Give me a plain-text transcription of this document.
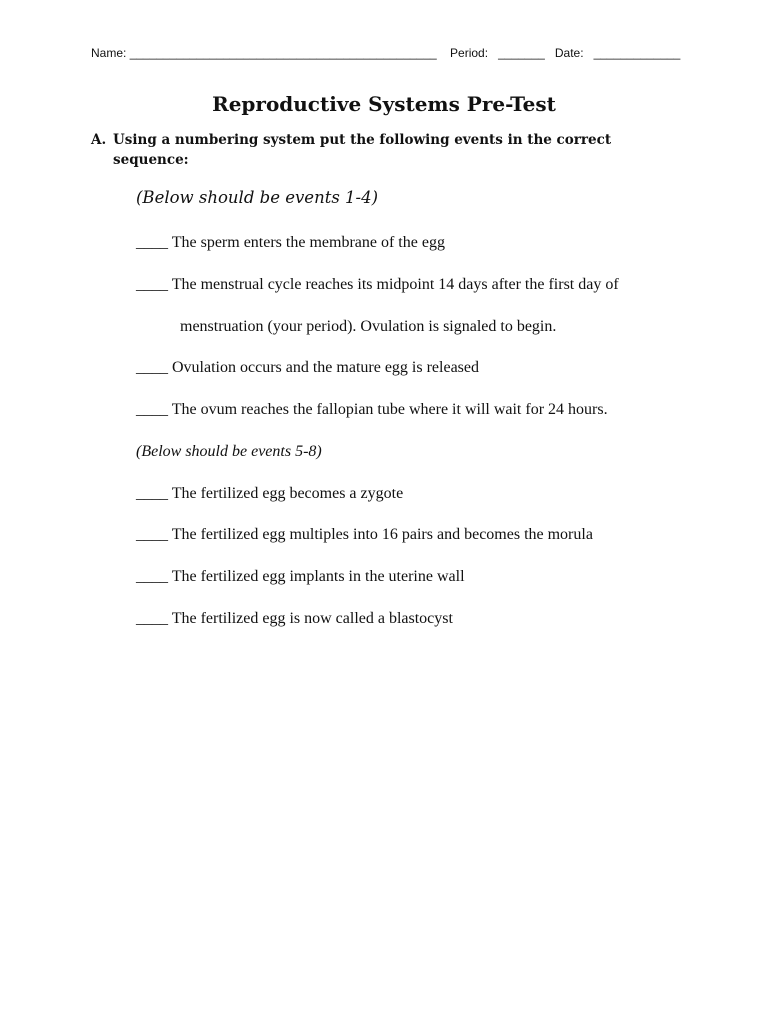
Name: ______________________________________________ Period: _______ Date: _____________
Reproductive Systems Pre-Test
A. Using a numbering system put the following events in the correct
sequence:
(Below should be events 1-4)
____ The sperm enters the membrane of the egg
____ The menstrual cycle reaches its midpoint 14 days after the first day of
menstruation (your period). Ovulation is signaled to begin.
____ Ovulation occurs and the mature egg is released
____ The ovum reaches the fallopian tube where it will wait for 24 hours.
(Below should be events 5-8)
____ The fertilized egg becomes a zygote
____ The fertilized egg multiples into 16 pairs and becomes the morula
____ The fertilized egg implants in the uterine wall
____ The fertilized egg is now called a blastocyst
